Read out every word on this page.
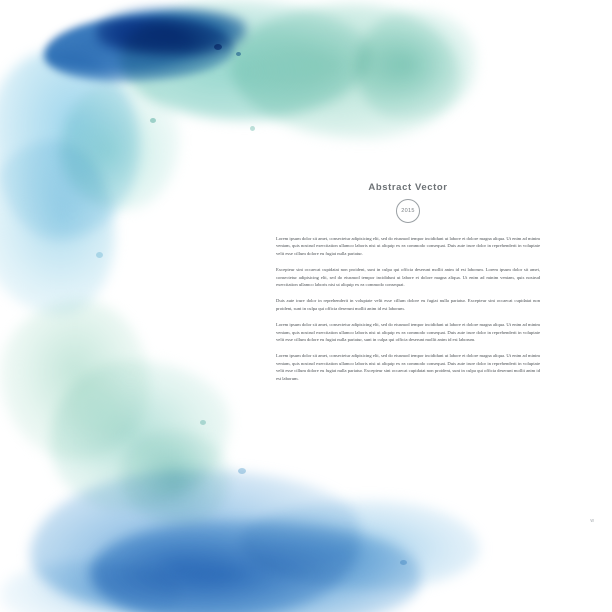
Abstract Vector
2015

Lorem ipsum dolor sit amet, consectetur adipisicing elit, sed do eiusmod tempor incididunt ut labore et dolore magna aliqua. Ut enim ad minim veniam, quis nostrud exercitation ullamco laboris nisi ut aliquip ex ea commodo consequat. Duis aute irure dolor in reprehenderit in voluptate velit esse cillum dolore eu fugiat nulla pariatur.

Excepteur sint occaecat cupidatat non proident, sunt in culpa qui officia deserunt mollit anim id est laborum. Lorem ipsum dolor sit amet, consectetur adipisicing elit, sed do eiusmod tempor incididunt ut labore et dolore magna aliqua. Ut enim ad minim veniam, quis nostrud exercitation ullamco laboris nisi ut aliquip ex ea commodo consequat.

Duis aute irure dolor in reprehenderit in voluptate velit esse cillum dolore eu fugiat nulla pariatur. Excepteur sint occaecat cupidatat non proident, sunt in culpa qui officia deserunt mollit anim id est laborum.

Lorem ipsum dolor sit amet, consectetur adipisicing elit, sed do eiusmod tempor incididunt ut labore et dolore magna aliqua. Ut enim ad minim veniam, quis nostrud exercitation ullamco laboris nisi ut aliquip ex ea commodo consequat. Duis aute irure dolor in reprehenderit in voluptate velit esse cillum dolore eu fugiat nulla pariatur, sunt in culpa qui officia deserunt mollit anim id est laborum.

Lorem ipsum dolor sit amet, consectetur adipisicing elit, sed do eiusmod tempor incididunt ut labore et dolore magna aliqua. Ut enim ad minim veniam, quis nostrud exercitation ullamco laboris nisi ut aliquip ex ea commodo consequat. Duis aute irure dolor in reprehenderit in voluptate velit esse cillum dolore eu fugiat nulla pariatur. Excepteur sint occaecat cupidatat non proident, sunt in culpa qui officia deserunt mollit anim id est laborum.

w
